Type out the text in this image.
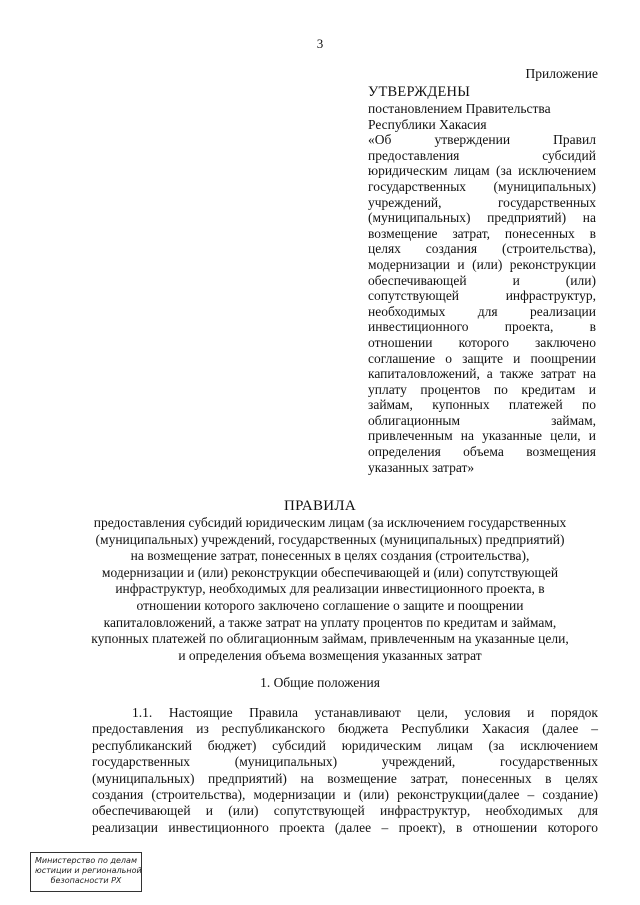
3
Приложение
УТВЕРЖДЕНЫ
постановлением Правительства
Республики Хакасия
«Об утверждении Правил
предоставления субсидий
юридическим лицам (за исключением
государственных (муниципальных)
учреждений, государственных
(муниципальных) предприятий) на
возмещение затрат, понесенных в
целях создания (строительства),
модернизации и (или) реконструкции
обеспечивающей и (или)
сопутствующей инфраструктур,
необходимых для реализации
инвестиционного проекта, в
отношении которого заключено
соглашение о защите и поощрении
капиталовложений, а также затрат на
уплату процентов по кредитам и
займам, купонных платежей по
облигационным займам,
привлеченным на указанные цели, и
определения объема возмещения
указанных затрат»
ПРАВИЛА
предоставления субсидий юридическим лицам (за исключением государственных
(муниципальных) учреждений, государственных (муниципальных) предприятий)
на возмещение затрат, понесенных в целях создания (строительства),
модернизации и (или) реконструкции обеспечивающей и (или) сопутствующей
инфраструктур, необходимых для реализации инвестиционного проекта, в
отношении которого заключено соглашение о защите и поощрении
капиталовложений, а также затрат на уплату процентов по кредитам и займам,
купонных платежей по облигационным займам, привлеченным на указанные цели,
и определения объема возмещения указанных затрат
1. Общие положения
1.1. Настоящие Правила устанавливают цели, условия и порядок
предоставления из республиканского бюджета Республики Хакасия (далее –
республиканский бюджет) субсидий юридическим лицам (за исключением
государственных (муниципальных) учреждений, государственных
(муниципальных) предприятий) на возмещение затрат, понесенных в целях
создания (строительства), модернизации и (или) реконструкции(далее – создание)
обеспечивающей и (или) сопутствующей инфраструктур, необходимых для
реализации инвестиционного проекта (далее – проект), в отношении которого
Министерство по делам
юстиции и региональной
безопасности РХ
